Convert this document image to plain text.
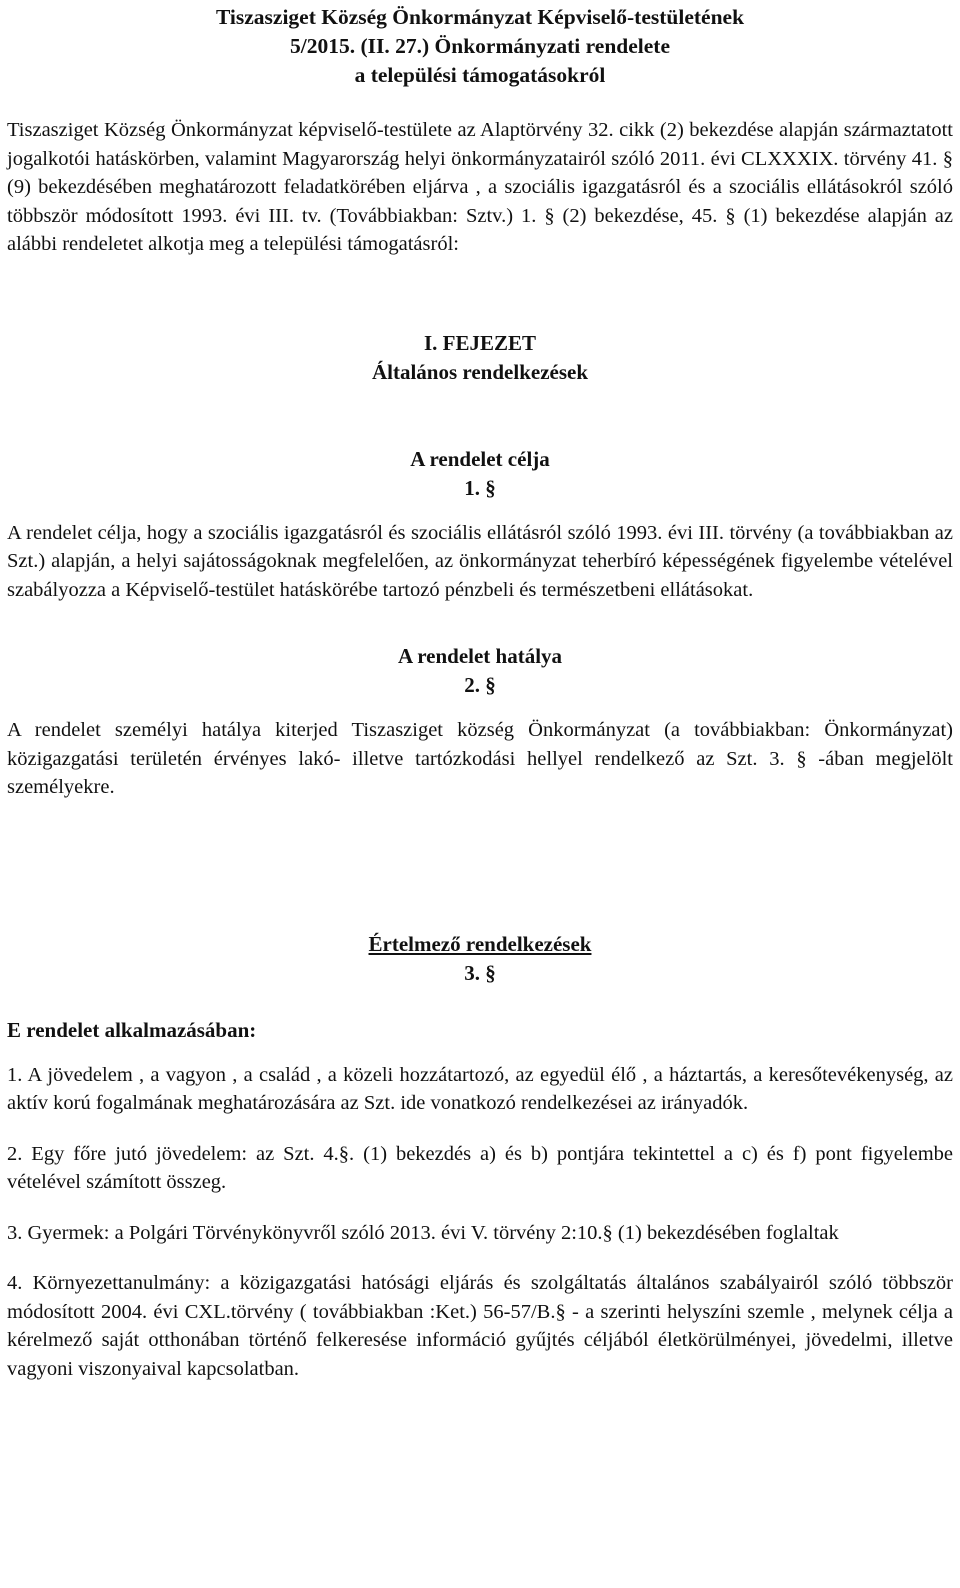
Tiszasziget Község Önkormányzat Képviselő-testületének
5/2015. (II. 27.) Önkormányzati rendelete
a települési támogatásokról

Tiszasziget Község Önkormányzat képviselő-testülete az Alaptörvény 32. cikk (2) bekezdése alapján származtatott jogalkotói hatáskörben, valamint Magyarország helyi önkormányzatairól szóló 2011. évi CLXXXIX. törvény 41. § (9) bekezdésében meghatározott feladatkörében eljárva , a szociális igazgatásról és a szociális ellátásokról szóló többször módosított 1993. évi III. tv. (Továbbiakban: Sztv.) 1. § (2) bekezdése, 45. § (1) bekezdése alapján az alábbi rendeletet alkotja meg a települési támogatásról:

I. FEJEZET

Általános rendelkezések

A rendelet célja

1. §

A rendelet célja, hogy a szociális igazgatásról és szociális ellátásról szóló 1993. évi III. törvény (a továbbiakban az Szt.) alapján, a helyi sajátosságoknak megfelelően, az önkormányzat teherbíró képességének figyelembe vételével szabályozza a Képviselő-testület hatáskörébe tartozó pénzbeli és természetbeni ellátásokat.

A rendelet hatálya

2. §

A rendelet személyi hatálya kiterjed Tiszasziget község Önkormányzat (a továbbiakban: Önkormányzat) közigazgatási területén érvényes lakó- illetve tartózkodási hellyel rendelkező az Szt. 3. § -ában megjelölt személyekre.

Értelmező rendelkezések

3. §

E rendelet alkalmazásában:

1. A jövedelem , a vagyon , a család , a közeli hozzátartozó, az egyedül élő , a háztartás, a keresőtevékenység, az aktív korú fogalmának meghatározására az Szt. ide vonatkozó rendelkezései az irányadók.

2. Egy főre jutó jövedelem: az Szt. 4.§. (1) bekezdés a) és b) pontjára tekintettel a c) és f) pont figyelembe vételével számított összeg.

3. Gyermek: a Polgári Törvénykönyvről szóló 2013. évi V. törvény 2:10.§ (1) bekezdésében foglaltak

4. Környezettanulmány: a közigazgatási hatósági eljárás és szolgáltatás általános szabályairól szóló többször módosított 2004. évi CXL.törvény ( továbbiakban :Ket.) 56-57/B.§ - a szerinti helyszíni szemle , melynek célja a kérelmező saját otthonában történő felkeresése információ gyűjtés céljából életkörülményei, jövedelmi, illetve vagyoni viszonyaival kapcsolatban.
